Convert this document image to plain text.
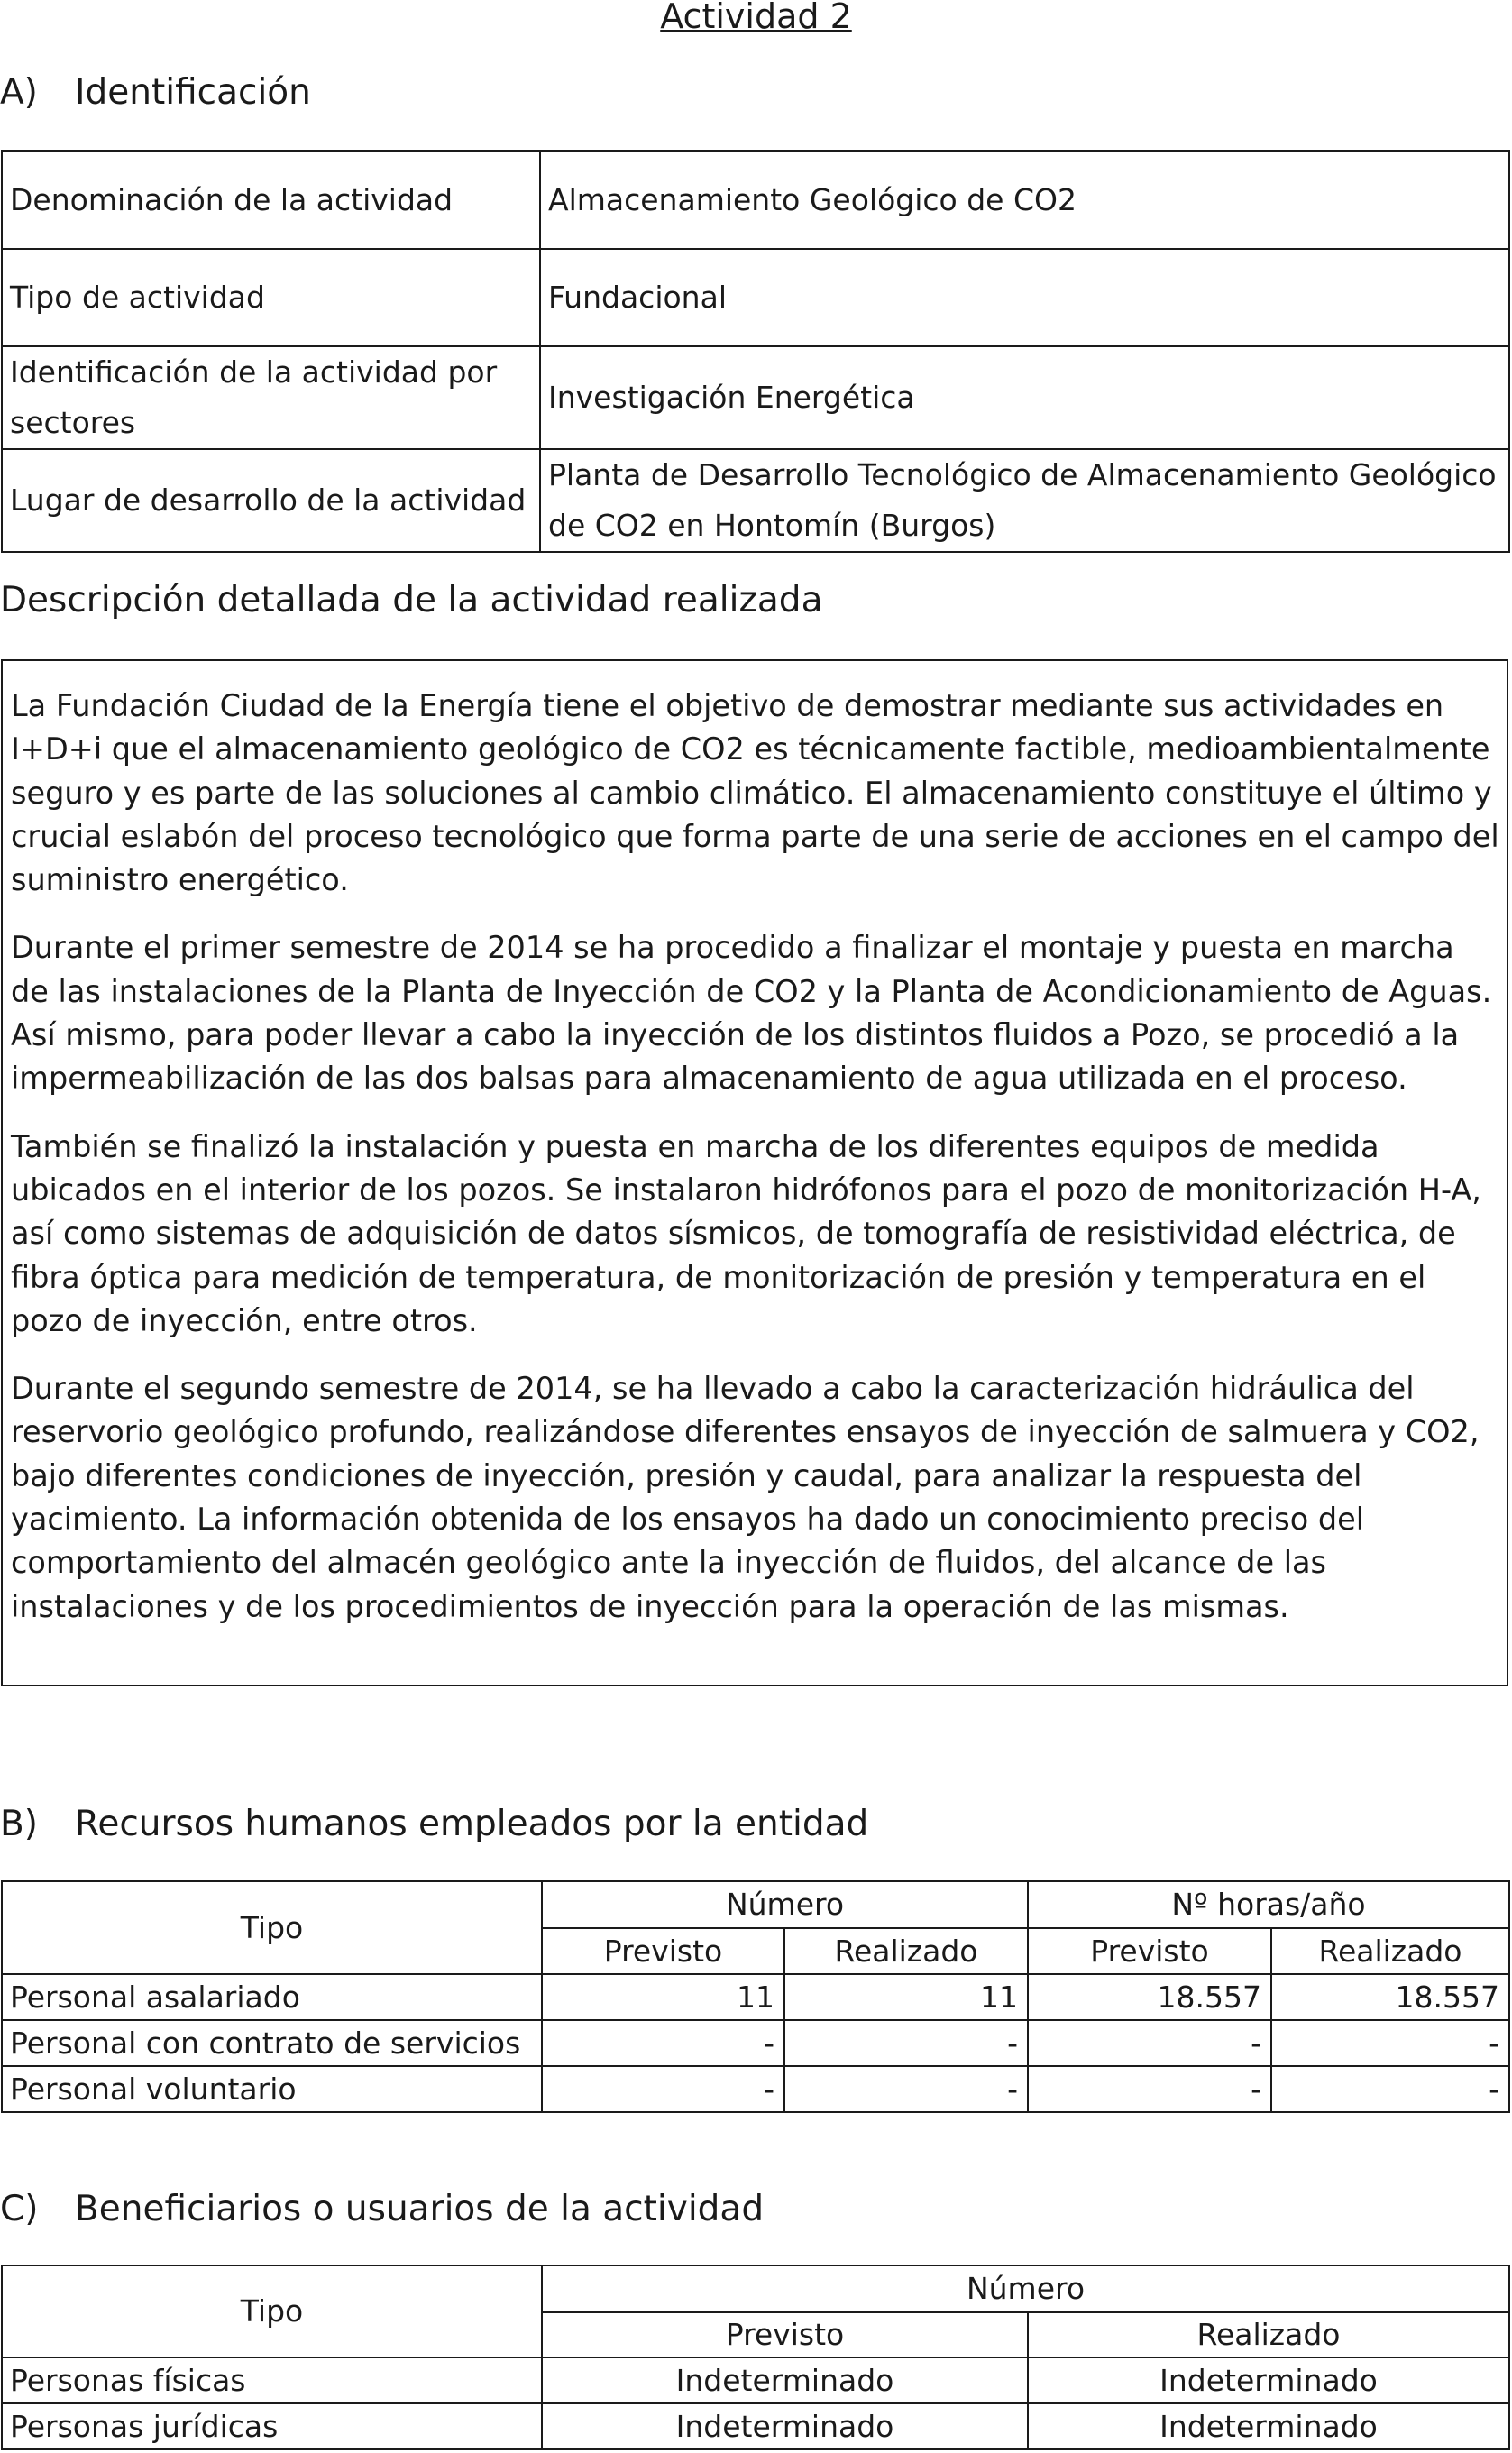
Actividad 2
A) Identificación
Denominación de la actividad	Almacenamiento Geológico de CO2
Tipo de actividad	Fundacional
Identificación de la actividad por sectores	Investigación Energética
Lugar de desarrollo de la actividad	Planta de Desarrollo Tecnológico de Almacenamiento Geológico de CO2 en Hontomín (Burgos)
Descripción detallada de la actividad realizada

La Fundación Ciudad de la Energía tiene el objetivo de demostrar mediante sus actividades en I+D+i que el almacenamiento geológico de CO2 es técnicamente factible, medioambientalmente seguro y es parte de las soluciones al cambio climático. El almacenamiento constituye el último y crucial eslabón del proceso tecnológico que forma parte de una serie de acciones en el campo del suministro energético.

Durante el primer semestre de 2014 se ha procedido a finalizar el montaje y puesta en marcha de las instalaciones de la Planta de Inyección de CO2 y la Planta de Acondicionamiento de Aguas. Así mismo, para poder llevar a cabo la inyección de los distintos fluidos a Pozo, se procedió a la impermeabilización de las dos balsas para almacenamiento de agua utilizada en el proceso.

También se finalizó la instalación y puesta en marcha de los diferentes equipos de medida ubicados en el interior de los pozos. Se instalaron hidrófonos para el pozo de monitorización H-A, así como sistemas de adquisición de datos sísmicos, de tomografía de resistividad eléctrica, de fibra óptica para medición de temperatura, de monitorización de presión y temperatura en el pozo de inyección, entre otros.

Durante el segundo semestre de 2014, se ha llevado a cabo la caracterización hidráulica del reservorio geológico profundo, realizándose diferentes ensayos de inyección de salmuera y CO2, bajo diferentes condiciones de inyección, presión y caudal, para analizar la respuesta del yacimiento. La información obtenida de los ensayos ha dado un conocimiento preciso del comportamiento del almacén geológico ante la inyección de fluidos, del alcance de las instalaciones y de los procedimientos de inyección para la operación de las mismas.

B) Recursos humanos empleados por la entidad
Tipo	Número		Nº horas/año	
	Previsto	Realizado	Previsto	Realizado
Personal asalariado	11	11	18.557	18.557
Personal con contrato de servicios	-	-	-	-
Personal voluntario	-	-	-	-
C) Beneficiarios o usuarios de la actividad
Tipo	Número	
	Previsto	Realizado
Personas físicas	Indeterminado	Indeterminado
Personas jurídicas	Indeterminado	Indeterminado
